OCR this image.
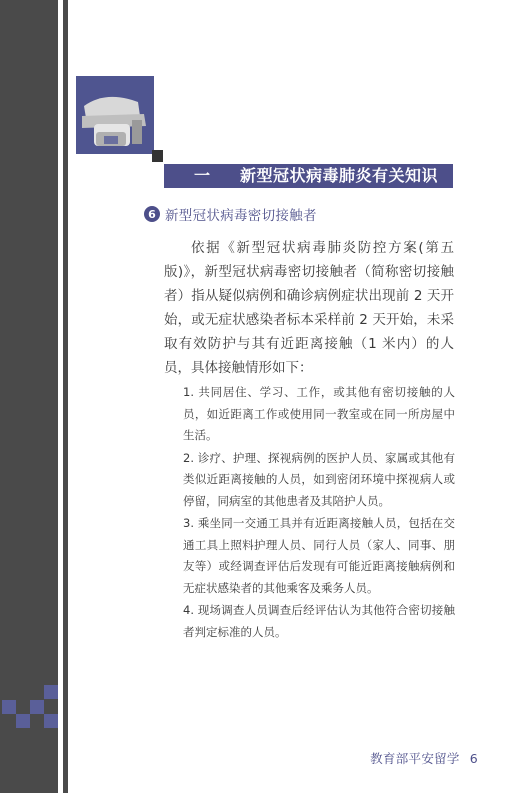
一 新型冠状病毒肺炎有关知识
6 新型冠状病毒密切接触者

依据《新型冠状病毒肺炎防控方案(第五版)》，新型冠状病毒密切接触者（简称密切接触者）指从疑似病例和确诊病例症状出现前 2 天开始，或无症状感染者标本采样前 2 天开始，未采取有效防护与其有近距离接触（1 米内）的人员，具体接触情形如下：

1. 共同居住、学习、工作，或其他有密切接触的人员，如近距离工作或使用同一教室或在同一所房屋中生活。
2. 诊疗、护理、探视病例的医护人员、家属或其他有类似近距离接触的人员，如到密闭环境中探视病人或停留，同病室的其他患者及其陪护人员。
3. 乘坐同一交通工具并有近距离接触人员，包括在交通工具上照料护理人员、同行人员（家人、同事、朋友等）或经调查评估后发现有可能近距离接触病例和无症状感染者的其他乘客及乘务人员。
4. 现场调查人员调查后经评估认为其他符合密切接触者判定标准的人员。
教育部平安留学 6
